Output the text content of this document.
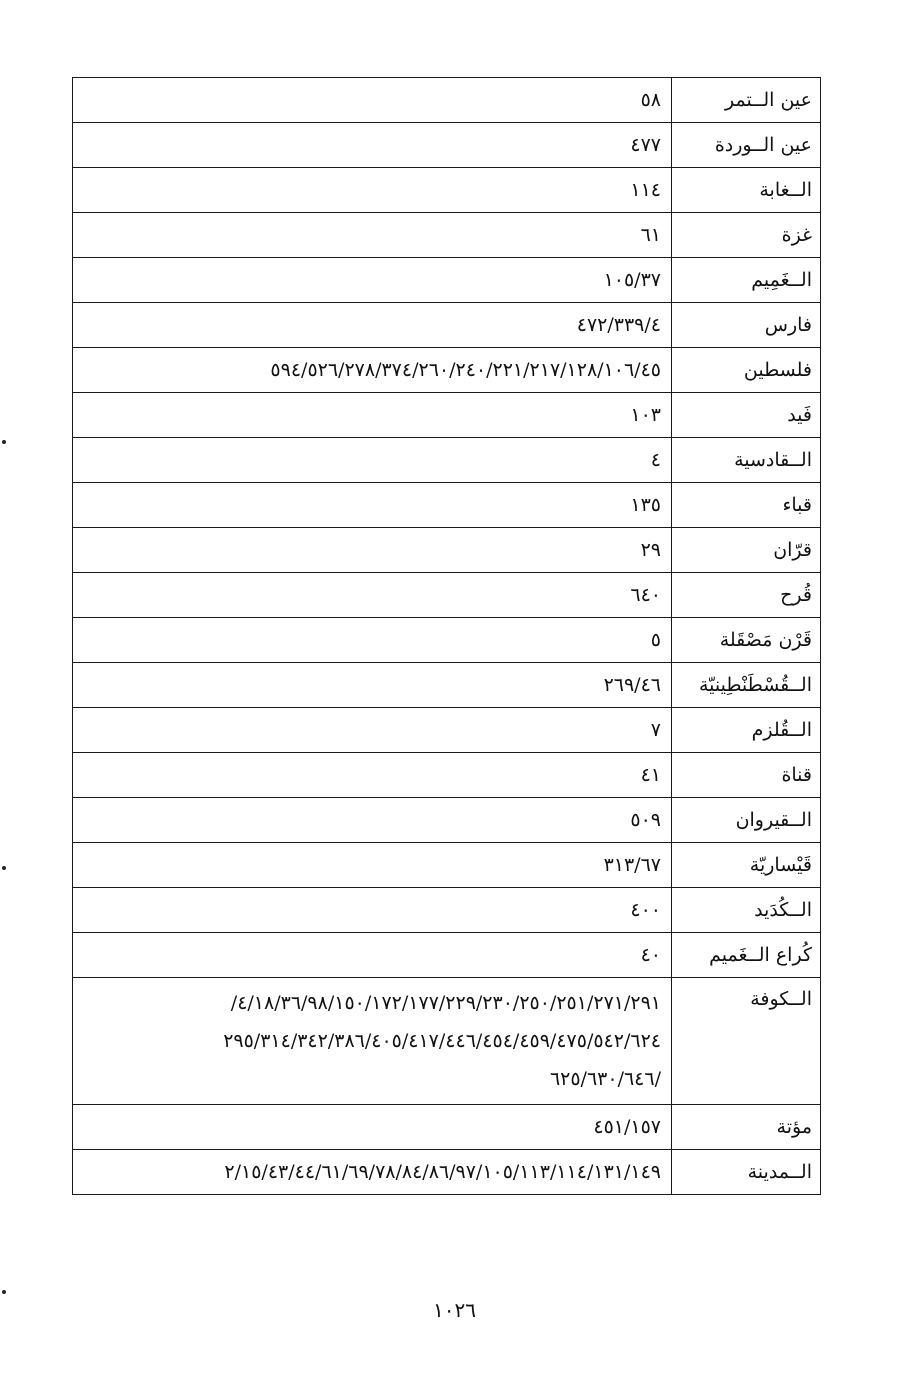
عين الــتمر	٥٨
عين الــوردة	٤٧٧
الــغابة	١١٤
غزة	٦١
الــغَمِيم	١٠٥/٣٧
فارس	٤٧٢/٣٣٩/٤
فلسطين	٥٩٤/٥٢٦/٢٧٨/٣٧٤/٢٦٠/٢٤٠/٢٢١/٢١٧/١٢٨/١٠٦/٤٥
فَيد	١٠٣
الــقادسية	٤
قباء	١٣٥
قرّان	٢٩
قُرح	٦٤٠
قَرْن مَصْقَلة	٥
الــقُسْطَنْطِينيّة	٢٦٩/٤٦
الــقُلزم	٧
قناة	٤١
الــقيروان	٥٠٩
قَيْساريّة	٣١٣/٦٧
الــكُدَيد	٤٠٠
كُراع الــغَميم	٤٠
الــكوفة	٤/١٨/٣٦/٩٨/١٥٠/١٧٢/١٧٧/٢٢٩/٢٣٠/٢٥٠/٢٥١/٢٧١/٢٩١/
٢٩٥/٣١٤/٣٤٢/٣٨٦/٤٠٥/٤١٧/٤٤٦/٤٥٤/٤٥٩/٤٧٥/٥٤٢/٦٢٤
/٦٢٥/٦٣٠/٦٤٦

مؤتة	٤٥١/١٥٧
الــمدينة	٢/١٥/٤٣/٤٤/٦١/٦٩/٧٨/٨٤/٨٦/٩٧/١٠٥/١١٣/١١٤/١٣١/١٤٩
١٠٢٦
